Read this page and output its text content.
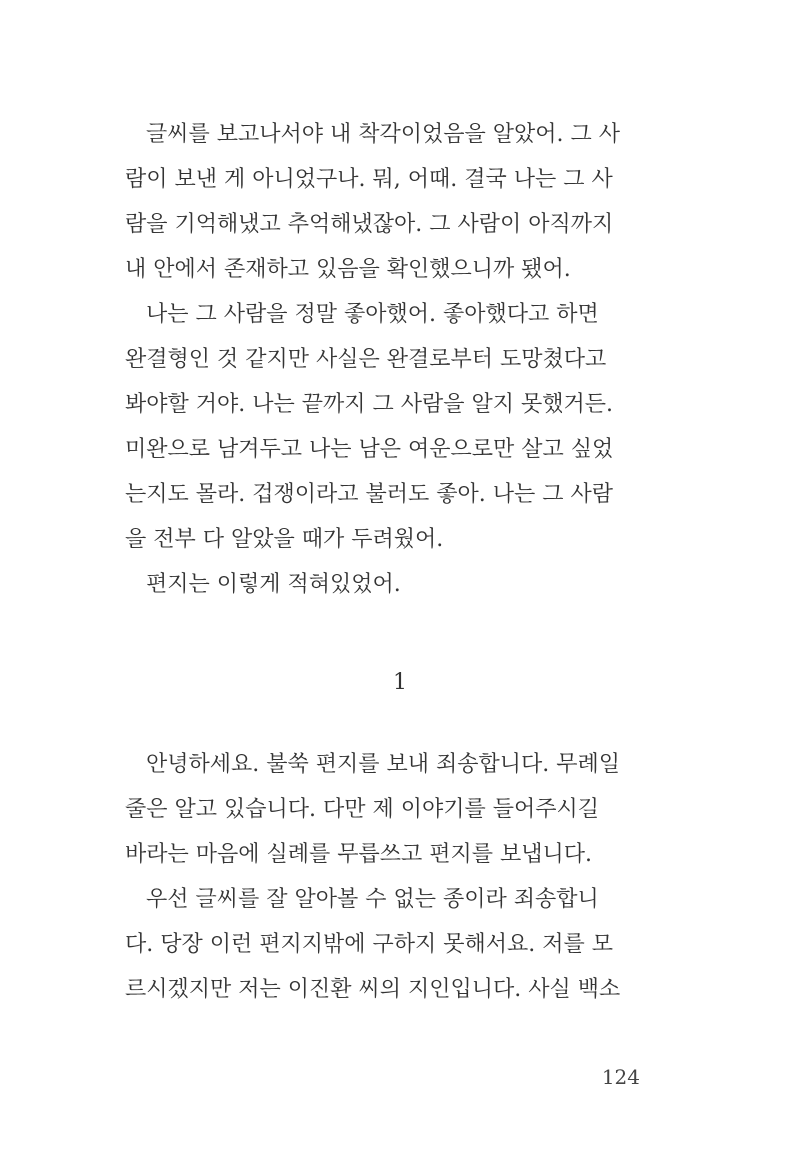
글씨를 보고나서야 내 착각이었음을 알았어. 그 사
람이 보낸 게 아니었구나. 뭐, 어때. 결국 나는 그 사
람을 기억해냈고 추억해냈잖아. 그 사람이 아직까지
내 안에서 존재하고 있음을 확인했으니까 됐어.
나는 그 사람을 정말 좋아했어. 좋아했다고 하면
완결형인 것 같지만 사실은 완결로부터 도망쳤다고
봐야할 거야. 나는 끝까지 그 사람을 알지 못했거든.
미완으로 남겨두고 나는 남은 여운으로만 살고 싶었
는지도 몰라. 겁쟁이라고 불러도 좋아. 나는 그 사람
을 전부 다 알았을 때가 두려웠어.
편지는 이렇게 적혀있었어.
1
안녕하세요. 불쑥 편지를 보내 죄송합니다. 무례일
줄은 알고 있습니다. 다만 제 이야기를 들어주시길
바라는 마음에 실례를 무릅쓰고 편지를 보냅니다.
우선 글씨를 잘 알아볼 수 없는 종이라 죄송합니
다. 당장 이런 편지지밖에 구하지 못해서요. 저를 모
르시겠지만 저는 이진환 씨의 지인입니다. 사실 백소
124
